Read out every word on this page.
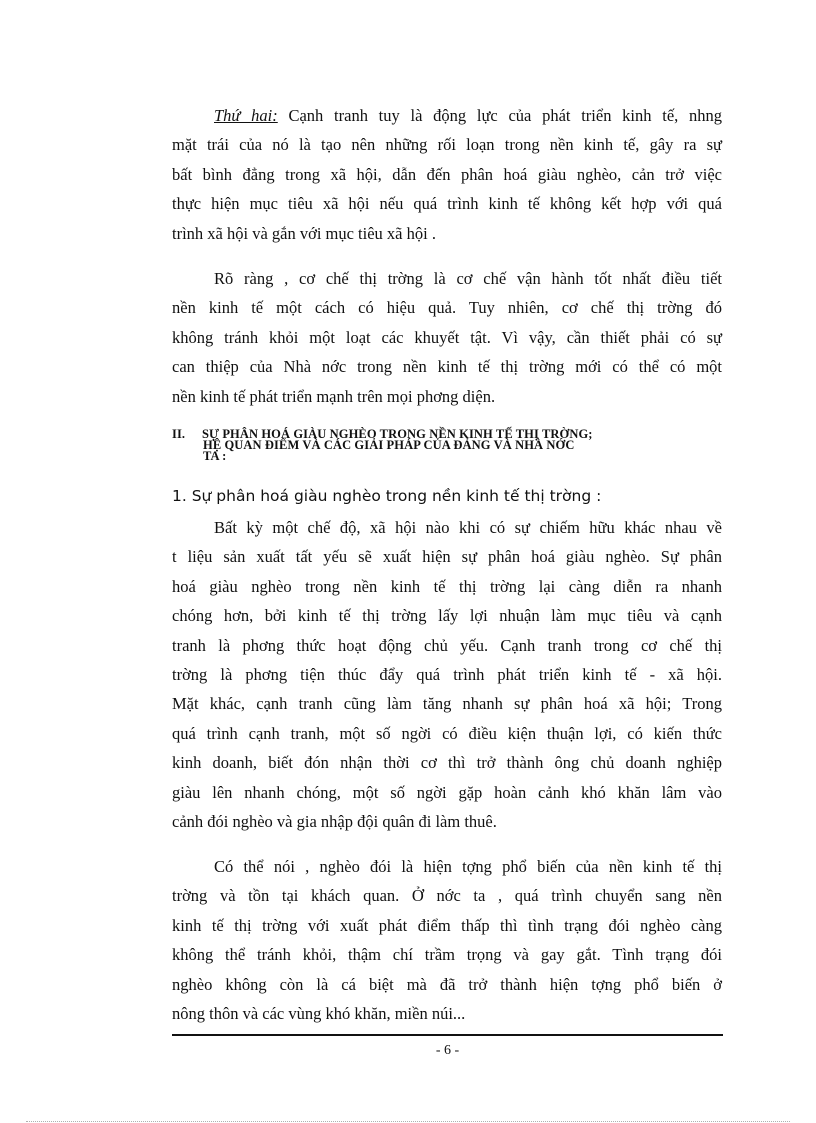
Thứ hai: Cạnh tranh tuy là động lực của phát triển kinh tế, nhng
mặt trái của nó là tạo nên những rối loạn trong nền kinh tế, gây ra sự
bất bình đẳng trong xã hội, dẫn đến phân hoá giàu nghèo, cản trở việc
thực hiện mục tiêu xã hội nếu quá trình kinh tế không kết hợp với quá
trình xã hội và gắn với mục tiêu xã hội .

Rõ ràng , cơ chế thị trờng là cơ chế vận hành tốt nhất điều tiết
nền kinh tế một cách có hiệu quả. Tuy nhiên, cơ chế thị trờng đó
không tránh khỏi một loạt các khuyết tật. Vì vậy, cần thiết phải có sự
can thiệp của Nhà nớc trong nền kinh tế thị trờng mới có thể có một
nền kinh tế phát triển mạnh trên mọi phơng diện.

II. SỰ PHÂN HOÁ GIÀU NGHÈO TRONG NỀN KINH TẾ THỊ TRỜNG;
HỆ QUAN ĐIỂM VÀ CÁC GIẢI PHÁP CỦA ĐẢNG VÀ NHÀ NỚC
TA :
1. Sự phân hoá giàu nghèo trong nền kinh tế thị trờng :

Bất kỳ một chế độ, xã hội nào khi có sự chiếm hữu khác nhau về
t liệu sản xuất tất yếu sẽ xuất hiện sự phân hoá giàu nghèo. Sự phân
hoá giàu nghèo trong nền kinh tế thị trờng lại càng diễn ra nhanh
chóng hơn, bởi kinh tế thị trờng lấy lợi nhuận làm mục tiêu và cạnh
tranh là phơng thức hoạt động chủ yếu. Cạnh tranh trong cơ chế thị
trờng là phơng tiện thúc đẩy quá trình phát triển kinh tế - xã hội.
Mặt khác, cạnh tranh cũng làm tăng nhanh sự phân hoá xã hội; Trong
quá trình cạnh tranh, một số ngời có điều kiện thuận lợi, có kiến thức
kinh doanh, biết đón nhận thời cơ thì trở thành ông chủ doanh nghiệp
giàu lên nhanh chóng, một số ngời gặp hoàn cảnh khó khăn lâm vào
cảnh đói nghèo và gia nhập đội quân đi làm thuê.

Có thể nói , nghèo đói là hiện tợng phổ biến của nền kinh tế thị
trờng và tồn tại khách quan. Ở nớc ta , quá trình chuyển sang nền
kinh tế thị trờng với xuất phát điểm thấp thì tình trạng đói nghèo càng
không thể tránh khỏi, thậm chí trầm trọng và gay gắt. Tình trạng đói
nghèo không còn là cá biệt mà đã trở thành hiện tợng phổ biến ở
nông thôn và các vùng khó khăn, miền núi...

- 6 -
